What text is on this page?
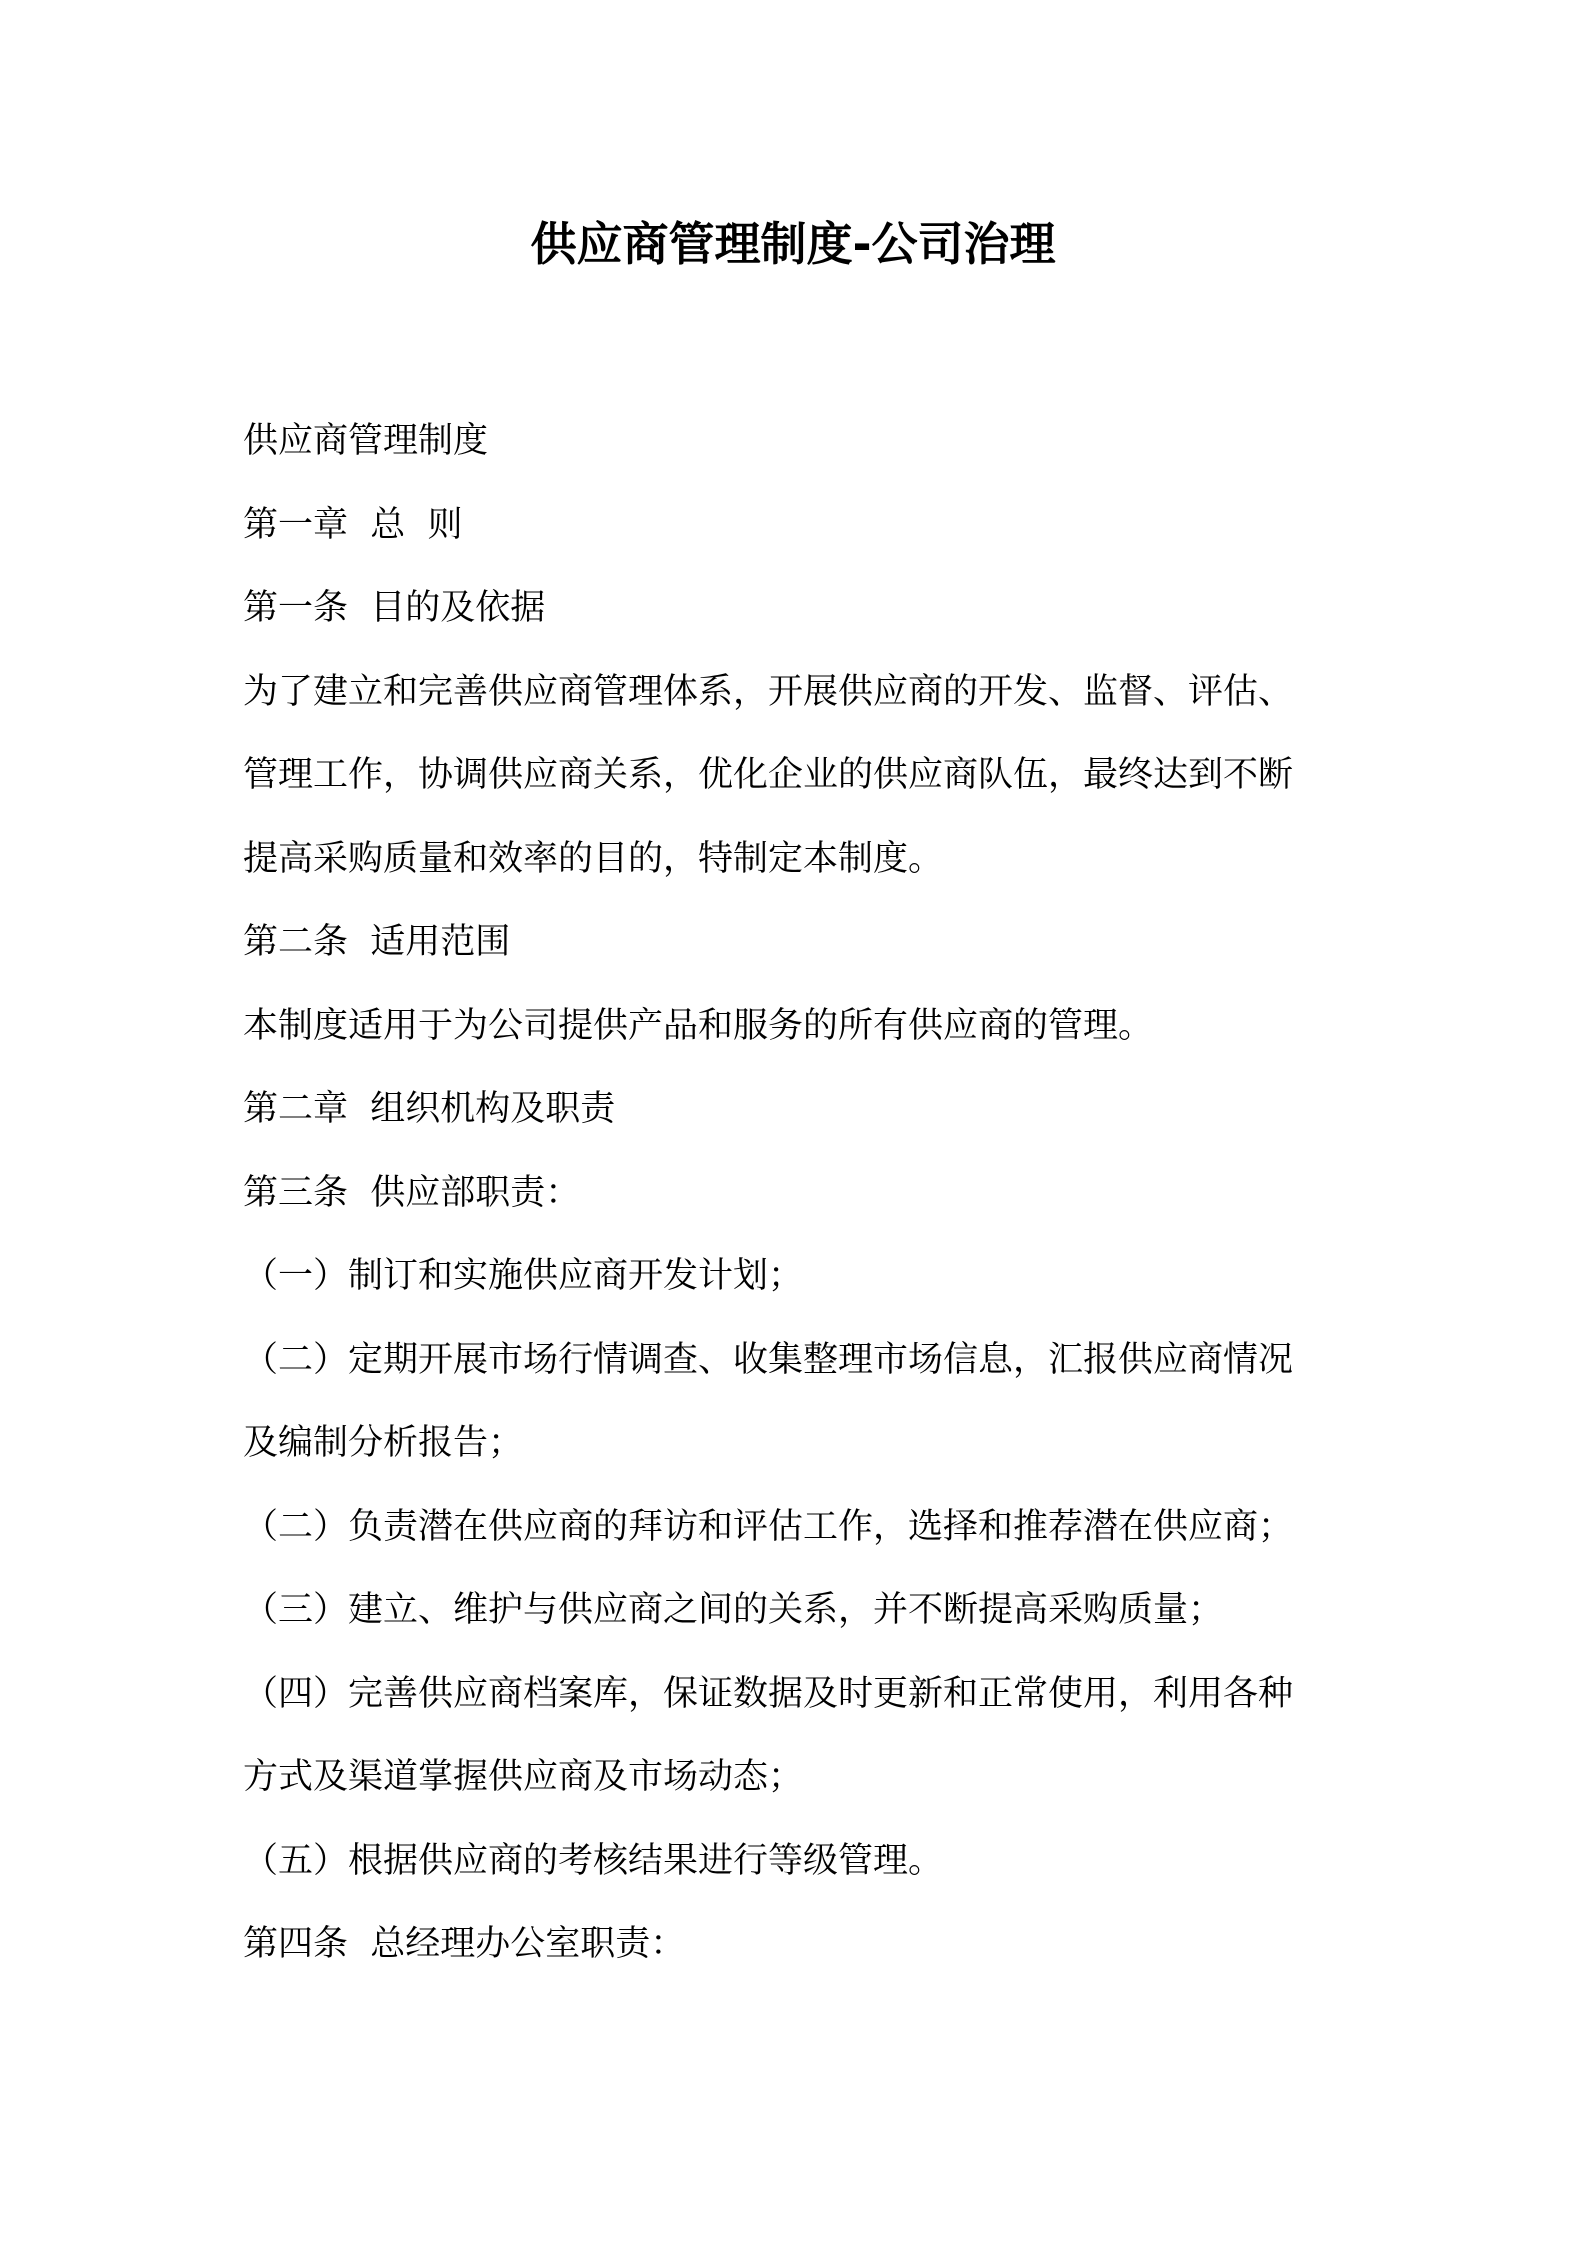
供应商管理制度-公司治理

供应商管理制度

第一章  总  则

第一条  目的及依据

为了建立和完善供应商管理体系，开展供应商的开发、监督、评估、

管理工作，协调供应商关系，优化企业的供应商队伍，最终达到不断

提高采购质量和效率的目的，特制定本制度。

第二条  适用范围

本制度适用于为公司提供产品和服务的所有供应商的管理。

第二章  组织机构及职责

第三条  供应部职责：

（一）制订和实施供应商开发计划；

（二）定期开展市场行情调查、收集整理市场信息，汇报供应商情况

及编制分析报告；

（二）负责潜在供应商的拜访和评估工作，选择和推荐潜在供应商；

（三）建立、维护与供应商之间的关系，并不断提高采购质量；

（四）完善供应商档案库，保证数据及时更新和正常使用，利用各种

方式及渠道掌握供应商及市场动态；

（五）根据供应商的考核结果进行等级管理。

第四条  总经理办公室职责：
